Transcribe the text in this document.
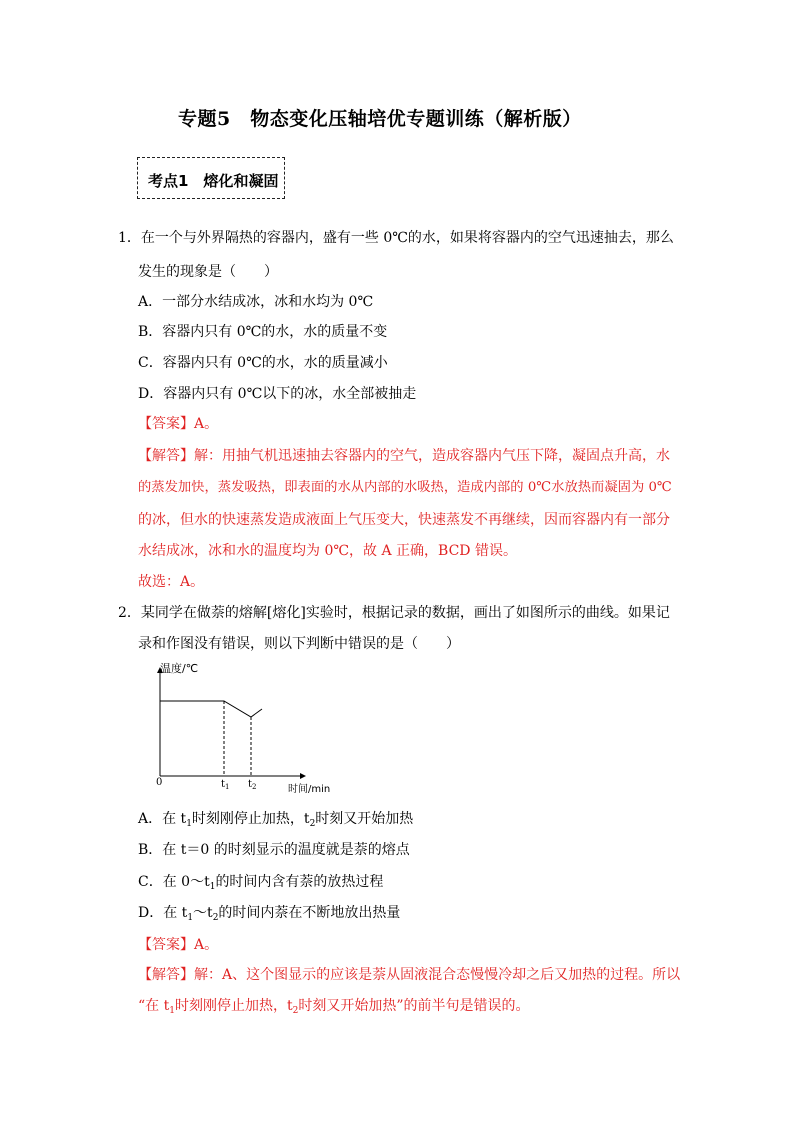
专题5　物态变化压轴培优专题训练（解析版）
考点1　熔化和凝固
1．在一个与外界隔热的容器内，盛有一些 0℃的水，如果将容器内的空气迅速抽去，那么
发生的现象是（　　）
A．一部分水结成冰，冰和水均为 0℃
B．容器内只有 0℃的水，水的质量不变
C．容器内只有 0℃的水，水的质量减小
D．容器内只有 0℃以下的冰，水全部被抽走
【答案】A。
【解答】解：用抽气机迅速抽去容器内的空气，造成容器内气压下降，凝固点升高，水
的蒸发加快，蒸发吸热，即表面的水从内部的水吸热，造成内部的 0℃水放热而凝固为 0℃
的冰，但水的快速蒸发造成液面上气压变大，快速蒸发不再继续，因而容器内有一部分
水结成冰，冰和水的温度均为 0℃，故 A 正确，BCD 错误。
故选：A。
2．某同学在做萘的熔解[熔化]实验时，根据记录的数据，画出了如图所示的曲线。如果记
录和作图没有错误，则以下判断中错误的是（　　）
温度/℃
0	$t_1$ $t_2$	时间/min
A．在 $t_1$时刻刚停止加热，$t_2$时刻又开始加热
B．在 t＝0 的时刻显示的温度就是萘的熔点
C．在 $0\sim t_1$的时间内含有萘的放热过程
D．在 $t_1\sim t_2$的时间内萘在不断地放出热量
【答案】A。
【解答】解：A、这个图显示的应该是萘从固液混合态慢慢冷却之后又加热的过程。所以
“在 $t_1$时刻刚停止加热，$t_2$时刻又开始加热”的前半句是错误的。
